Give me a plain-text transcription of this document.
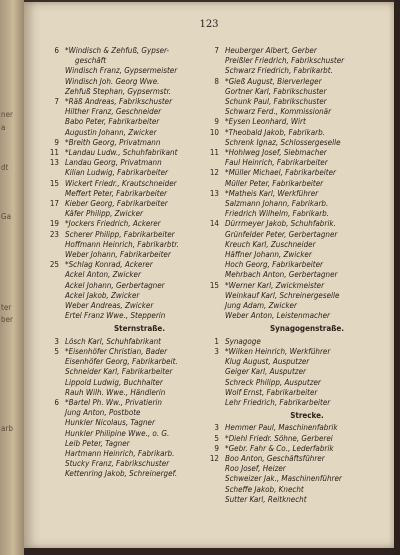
ner
a
dt
Ga
ter
ber
arb
123
6 *Windisch & Zehfuß, Gypser-
geschäft
Windisch Franz, Gypsermeister
Windisch Joh. Georg Wwe.
Zehfuß Stephan, Gypsermstr.
7 *Räß Andreas, Fabrikschuster
Hilther Franz, Geschneider
Babo Peter, Fabrikarbeiter
Augustin Johann, Zwicker
9 *Breith Georg, Privatmann
11 *Landau Ludw., Schuhfabrikant
13 Landau Georg, Privatmann
Kilian Ludwig, Fabrikarbeiter
15 Wickert Friedr., Krautschneider
Meffert Peter, Fabrikarbeiter
17 Kieber Georg, Fabrikarbeiter
Käfer Philipp, Zwicker
19 *Jockers Friedrich, Ackerer
23 Scherer Philipp, Fabrikarbeiter
Hoffmann Heinrich, Fabrikarbtr.
Weber Johann, Fabrikarbeiter
25 *Schlag Konrad, Ackerer
Ackel Anton, Zwicker
Ackel Johann, Gerbertagner
Ackel Jakob, Zwicker
Weber Andreas, Zwicker
Ertel Franz Wwe., Stepperin
Sternstraße.
3 Lösch Karl, Schuhfabrikant
5 *Eisenhöfer Christian, Bader
Eisenhöfer Georg, Fabrikarbeit.
Schneider Karl, Fabrikarbeiter
Lippold Ludwig, Buchhalter
Rauh Wilh. Wwe., Händlerin
6 *Bartel Ph. Ww., Privatierin
Jung Anton, Postbote
Hunkler Nicolaus, Tagner
Hunkler Philipine Wwe., o. G.
Leib Peter, Tagner
Hartmann Heinrich, Fabrikarb.
Stucky Franz, Fabrikschuster
Kettenring Jakob, Schreinergef.
7 Heuberger Albert, Gerber
Preißler Friedrich, Fabrikschuster
Schwarz Friedrich, Fabrikarbt.
8 *Gieß August, Bierverleger
Gortner Karl, Fabrikschuster
Schunk Paul, Fabrikschuster
Schwarz Ferd., Kommissionär
9 *Eysen Leonhard, Wirt
10 *Theobald Jakob, Fabrikarb.
Schrenk Ignaz, Schlossergeselle
11 *Hohlweg Josef, Siebmacher
Faul Heinrich, Fabrikarbeiter
12 *Müller Michael, Fabrikarbeiter
Müller Peter, Fabrikarbeiter
13 *Matheis Karl, Werkführer
Salzmann Johann, Fabrikarb.
Friedrich Wilhelm, Fabrikarb.
14 Dürrmeyer Jakob, Schuhfabrik.
Grünfelder Peter, Gerbertagner
Kreuch Karl, Zuschneider
Häffner Johann, Zwicker
Hoch Georg, Fabrikarbeiter
Mehrbach Anton, Gerbertagner
15 *Werner Karl, Zwickmeister
Weinkauf Karl, Schreinergeselle
Jung Adam, Zwicker
Weber Anton, Leistenmacher
Synagogenstraße.
1 Synagoge
3 *Wilken Heinrich, Werkführer
Klug August, Ausputzer
Geiger Karl, Ausputzer
Schreck Philipp, Ausputzer
Wolf Ernst, Fabrikarbeiter
Lehr Friedrich, Fabrikarbeiter
Strecke.
3 Hemmer Paul, Maschinenfabrik
5 *Diehl Friedr. Söhne, Gerberei
9 *Gebr. Fahr & Co., Lederfabrik
12 Boo Anton, Geschäftsführer
Roo Josef, Heizer
Schweizer Jak., Maschinenführer
Scheffe Jakob, Knecht
Sutter Karl, Reitknecht
